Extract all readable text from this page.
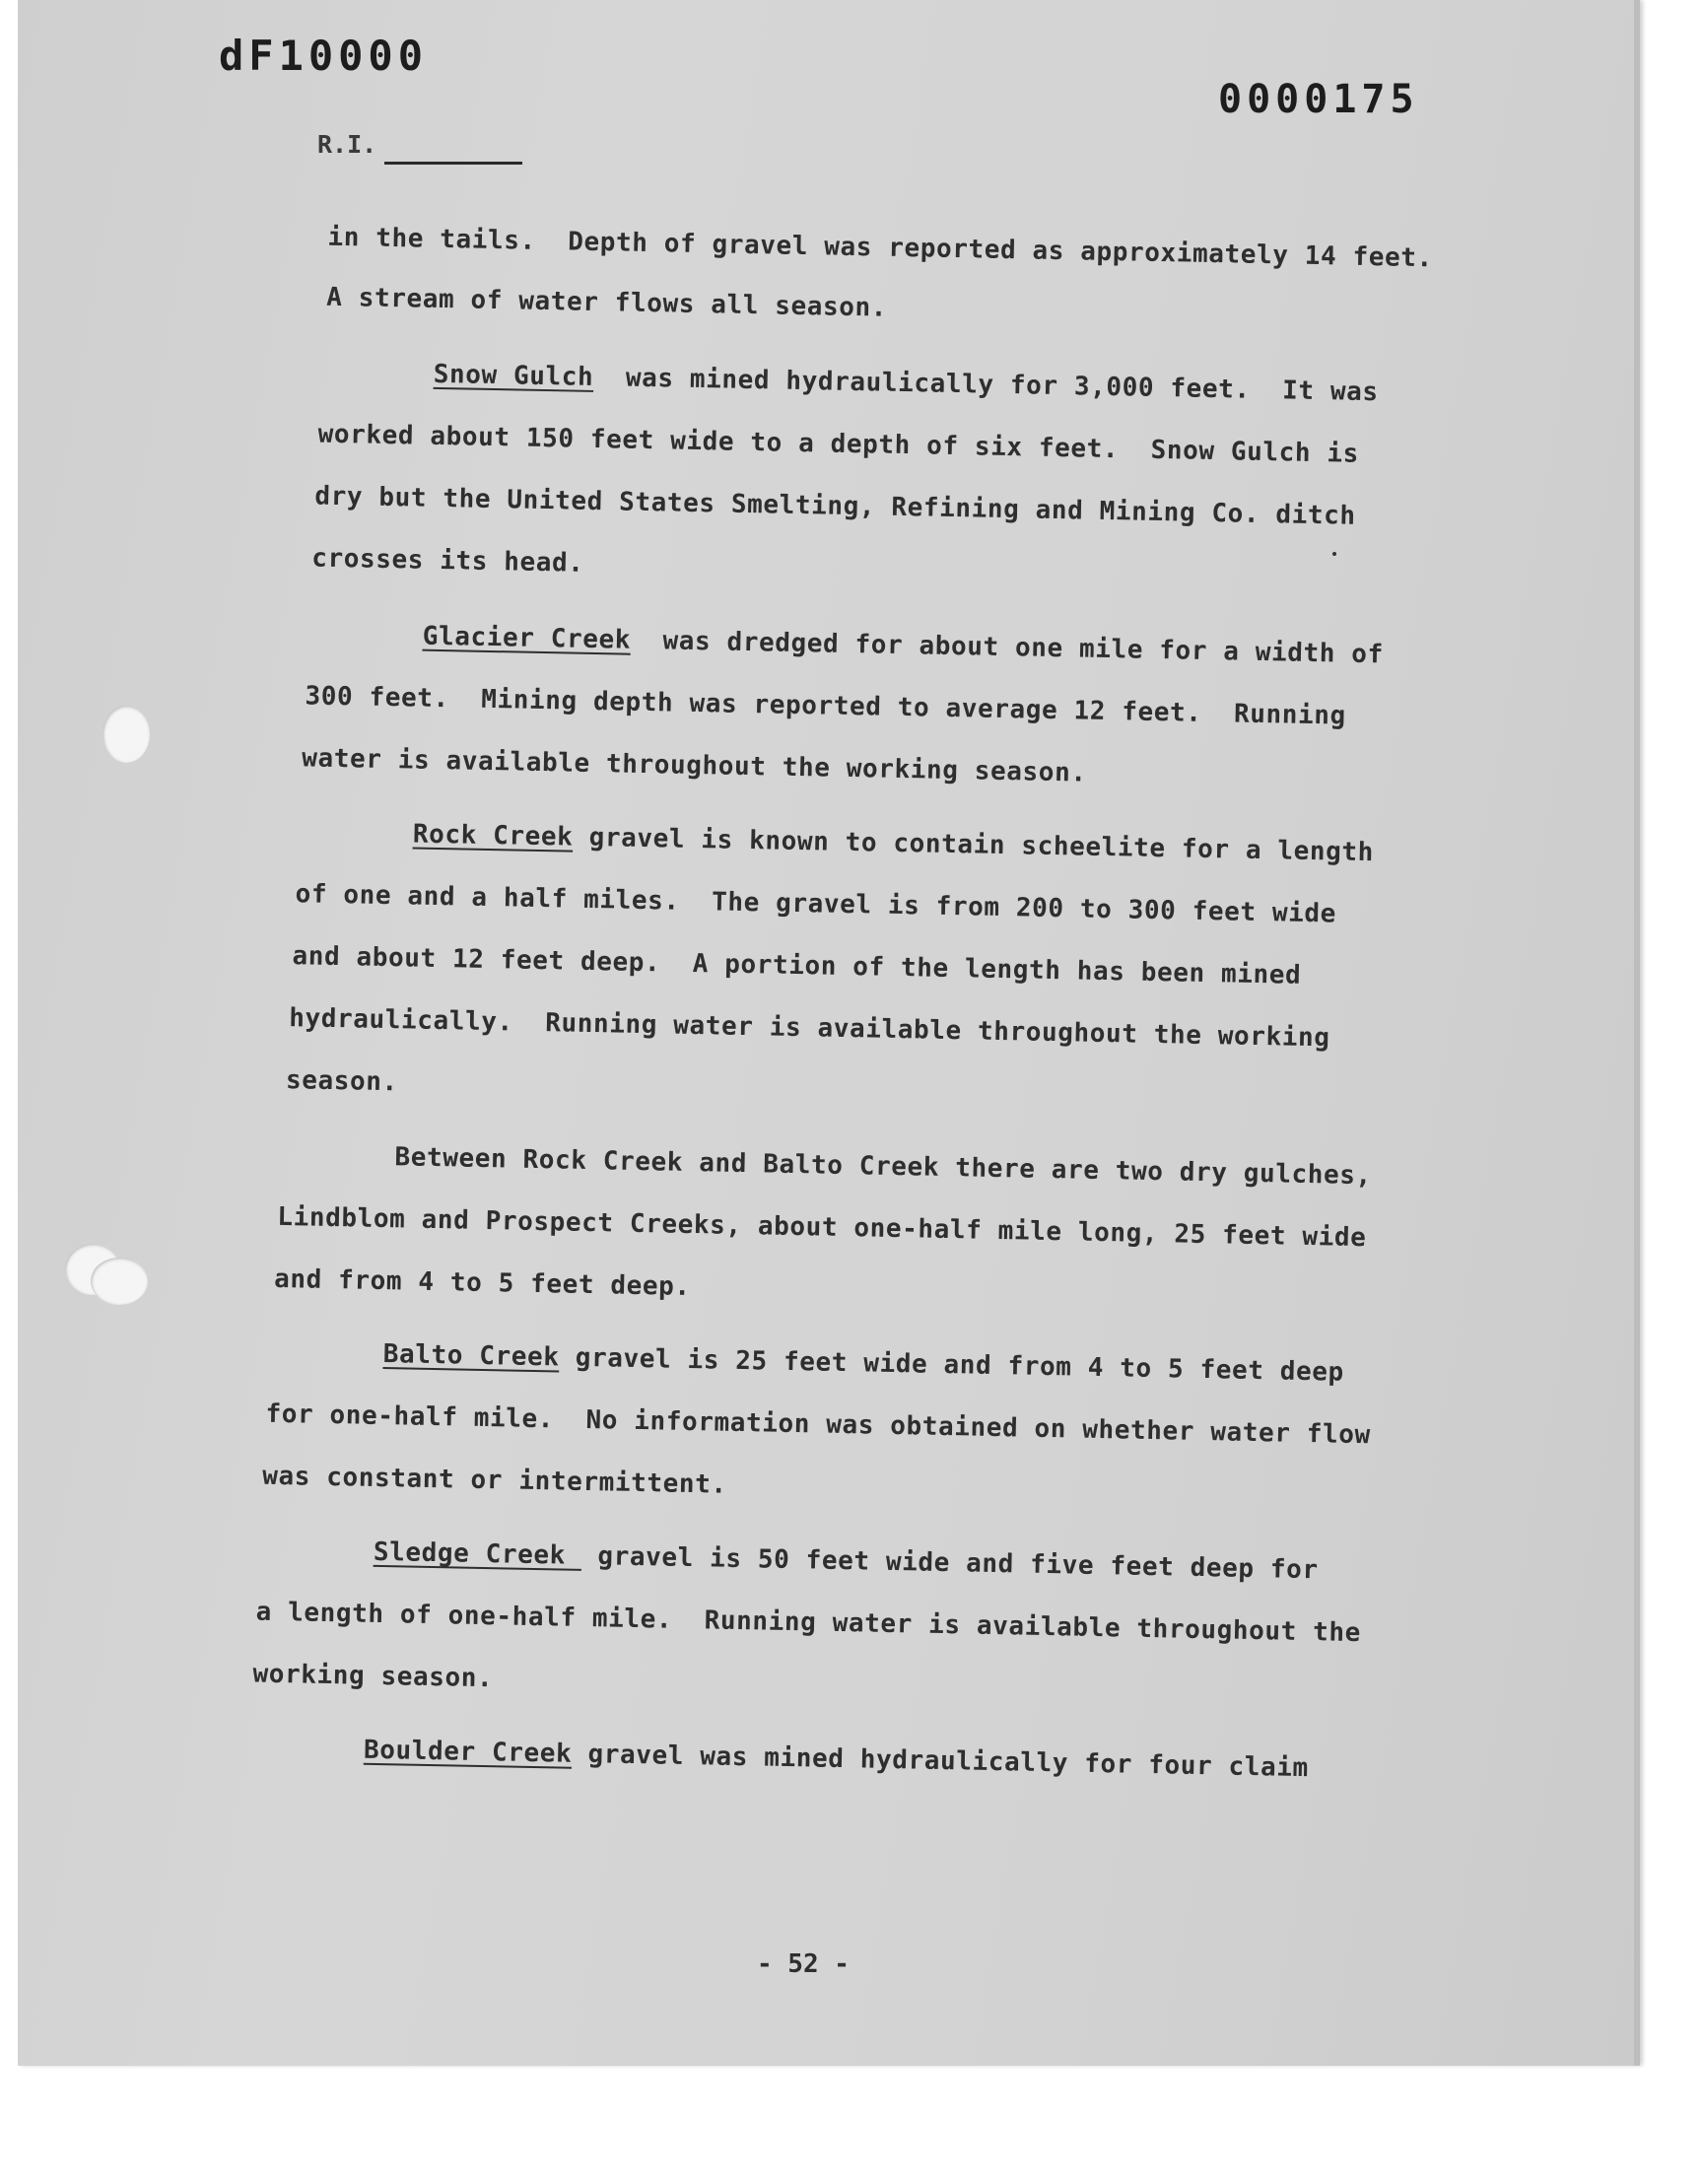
dF10000
0000175
R.I.
in the tails.  Depth of gravel was reported as approximately 14 feet.
A stream of water flows all season.
Snow Gulch  was mined hydraulically for 3,000 feet.  It was
worked about 150 feet wide to a depth of six feet.  Snow Gulch is
dry but the United States Smelting, Refining and Mining Co. ditch
crosses its head.
Glacier Creek  was dredged for about one mile for a width of
300 feet.  Mining depth was reported to average 12 feet.  Running
water is available throughout the working season.
Rock Creek gravel is known to contain scheelite for a length
of one and a half miles.  The gravel is from 200 to 300 feet wide
and about 12 feet deep.  A portion of the length has been mined
hydraulically.  Running water is available throughout the working
season.
Between Rock Creek and Balto Creek there are two dry gulches,
Lindblom and Prospect Creeks, about one-half mile long, 25 feet wide
and from 4 to 5 feet deep.
Balto Creek gravel is 25 feet wide and from 4 to 5 feet deep
for one-half mile.  No information was obtained on whether water flow
was constant or intermittent.
Sledge Creek  gravel is 50 feet wide and five feet deep for
a length of one-half mile.  Running water is available throughout the
working season.
Boulder Creek gravel was mined hydraulically for four claim
- 52 -
